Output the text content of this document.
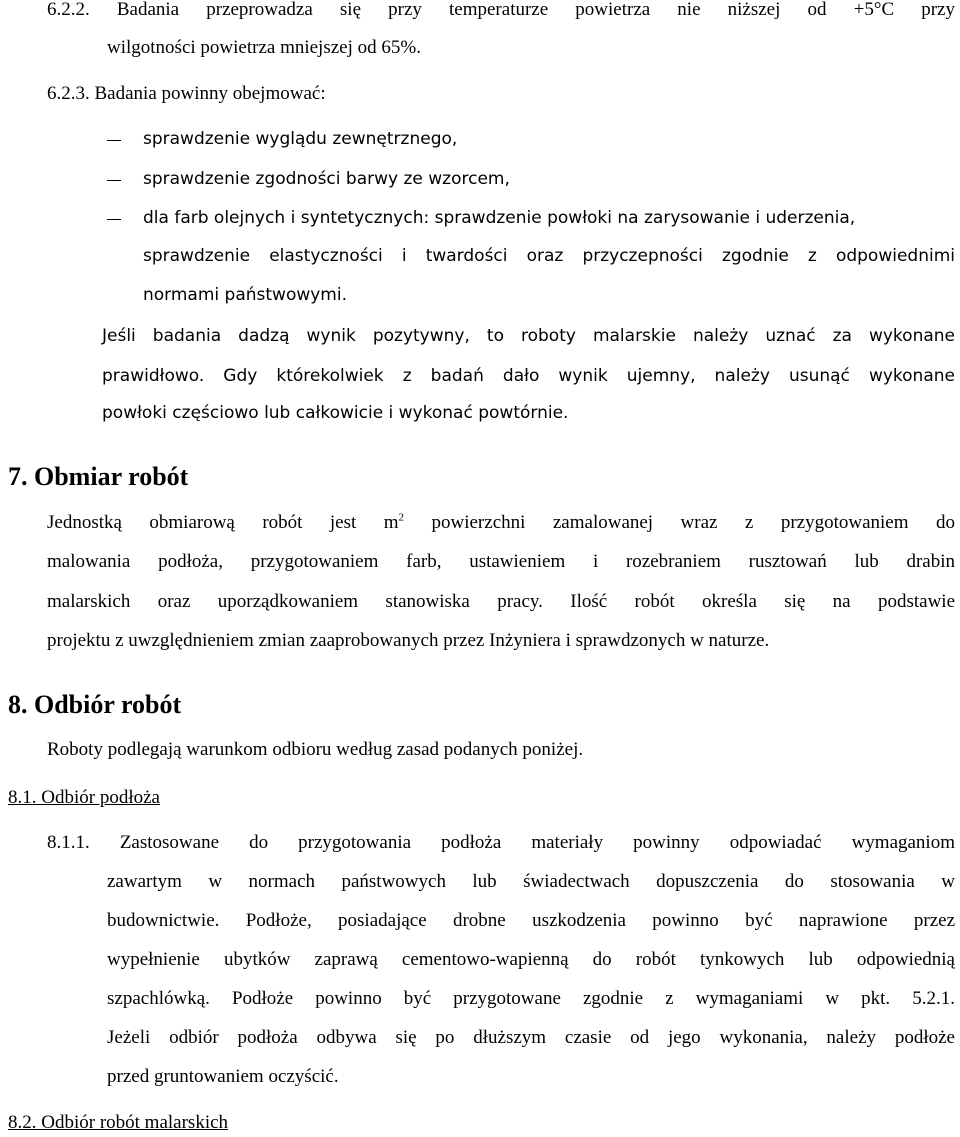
6.2.2. Badania przeprowadza się przy temperaturze powietrza nie niższej od +5°C przy
wilgotności powietrza mniejszej od 65%.
6.2.3. Badania powinny obejmować:
sprawdzenie wyglądu zewnętrznego,
sprawdzenie zgodności barwy ze wzorcem,
dla farb olejnych i syntetycznych: sprawdzenie powłoki na zarysowanie i uderzenia,
sprawdzenie elastyczności i twardości oraz przyczepności zgodnie z odpowiednimi
normami państwowymi.
Jeśli badania dadzą wynik pozytywny, to roboty malarskie należy uznać za wykonane
prawidłowo. Gdy którekolwiek z badań dało wynik ujemny, należy usunąć wykonane
powłoki częściowo lub całkowicie i wykonać powtórnie.
7. Obmiar robót
Jednostką obmiarową robót jest $m^2$ powierzchni zamalowanej wraz z przygotowaniem do
malowania podłoża, przygotowaniem farb, ustawieniem i rozebraniem rusztowań lub drabin
malarskich oraz uporządkowaniem stanowiska pracy. Ilość robót określa się na podstawie
projektu z uwzględnieniem zmian zaaprobowanych przez Inżyniera i sprawdzonych w naturze.
8. Odbiór robót
Roboty podlegają warunkom odbioru według zasad podanych poniżej.
8.1. Odbiór podłoża
8.1.1. Zastosowane do przygotowania podłoża materiały powinny odpowiadać wymaganiom
zawartym w normach państwowych lub świadectwach dopuszczenia do stosowania w
budownictwie. Podłoże, posiadające drobne uszkodzenia powinno być naprawione przez
wypełnienie ubytków zaprawą cementowo-wapienną do robót tynkowych lub odpowiednią
szpachlówką. Podłoże powinno być przygotowane zgodnie z wymaganiami w pkt. 5.2.1.
Jeżeli odbiór podłoża odbywa się po dłuższym czasie od jego wykonania, należy podłoże
przed gruntowaniem oczyścić.
8.2. Odbiór robót malarskich
